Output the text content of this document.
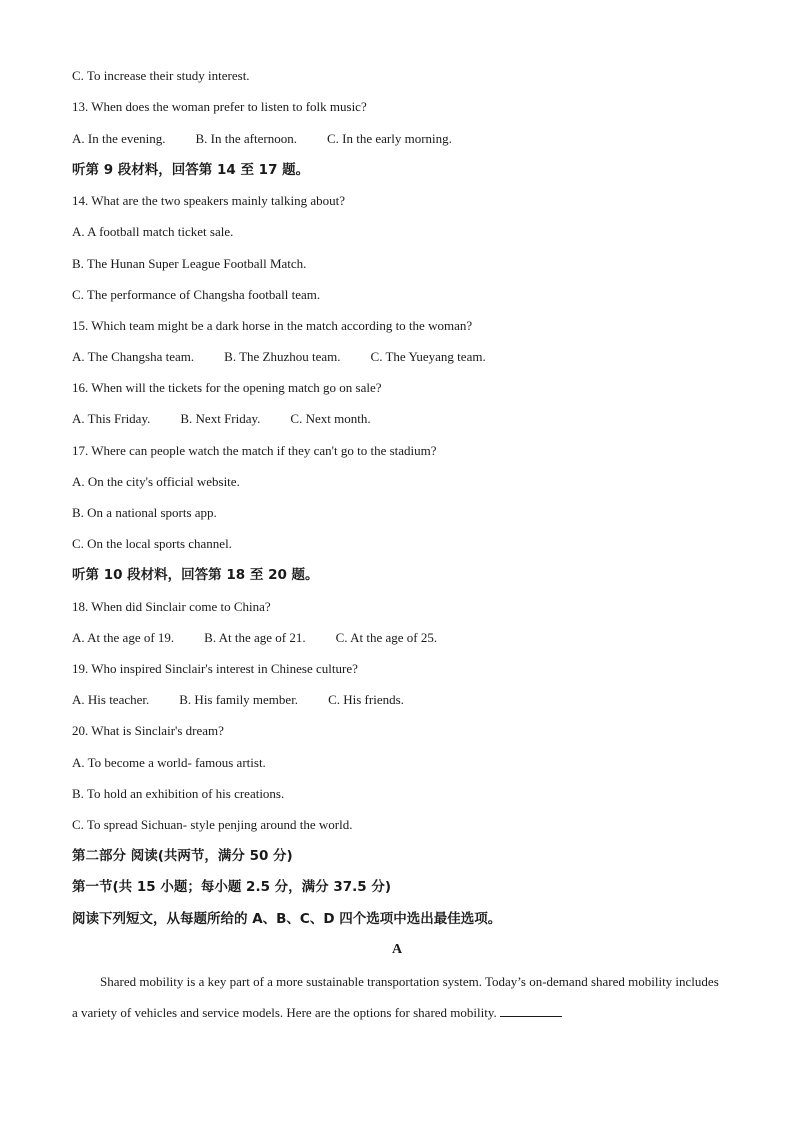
C. To increase their study interest.
13. When does the woman prefer to listen to folk music?
A. In the evening. B. In the afternoon. C. In the early morning.
听第 9 段材料，回答第 14 至 17 题。
14. What are the two speakers mainly talking about?
A. A football match ticket sale.
B. The Hunan Super League Football Match.
C. The performance of Changsha football team.
15. Which team might be a dark horse in the match according to the woman?
A. The Changsha team. B. The Zhuzhou team. C. The Yueyang team.
16. When will the tickets for the opening match go on sale?
A. This Friday. B. Next Friday. C. Next month.
17. Where can people watch the match if they can't go to the stadium?
A. On the city's official website.
B. On a national sports app.
C. On the local sports channel.
听第 10 段材料，回答第 18 至 20 题。
18. When did Sinclair come to China?
A. At the age of 19. B. At the age of 21. C. At the age of 25.
19. Who inspired Sinclair's interest in Chinese culture?
A. His teacher. B. His family member. C. His friends.
20. What is Sinclair's dream?
A. To become a world- famous artist.
B. To hold an exhibition of his creations.
C. To spread Sichuan- style penjing around the world.
第二部分 阅读(共两节，满分 50 分)
第一节(共 15 小题；每小题 2.5 分，满分 37.5 分)
阅读下列短文，从每题所给的 A、B、C、D 四个选项中选出最佳选项。
A
Shared mobility is a key part of a more sustainable transportation system. Today’s on-demand shared mobility includes a variety of vehicles and service models. Here are the options for shared mobility.
